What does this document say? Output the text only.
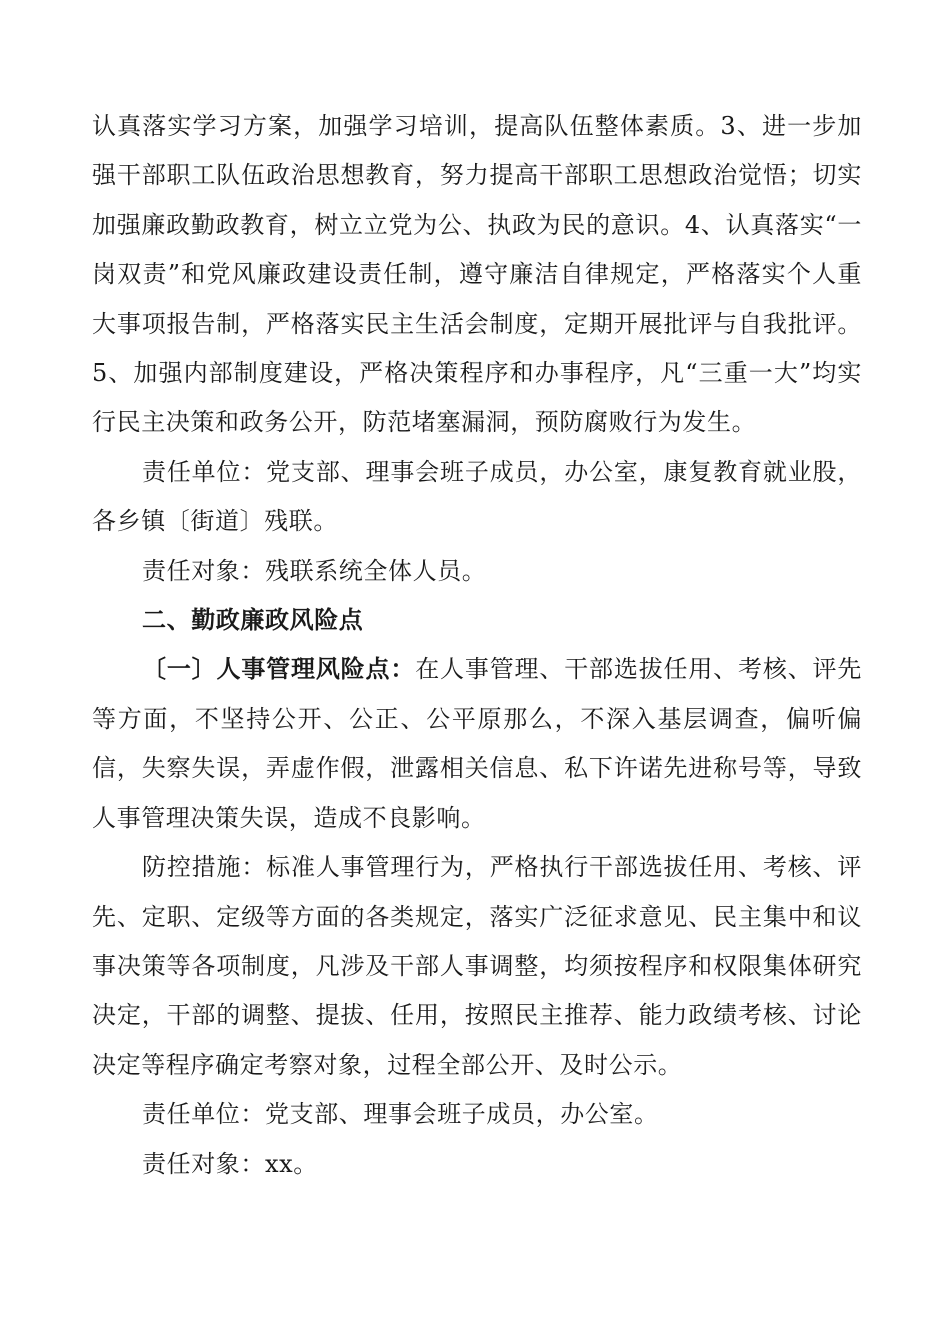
认真落实学习方案，加强学习培训，提高队伍整体素质。3、进一步加强干部职工队伍政治思想教育，努力提高干部职工思想政治觉悟；切实加强廉政勤政教育，树立立党为公、执政为民的意识。4、认真落实“一岗双责”和党风廉政建设责任制，遵守廉洁自律规定，严格落实个人重大事项报告制，严格落实民主生活会制度，定期开展批评与自我批评。5、加强内部制度建设，严格决策程序和办事程序，凡“三重一大”均实行民主决策和政务公开，防范堵塞漏洞，预防腐败行为发生。

责任单位：党支部、理事会班子成员，办公室，康复教育就业股，各乡镇〔街道〕残联。

责任对象：残联系统全体人员。

二、勤政廉政风险点

〔一〕人事管理风险点：在人事管理、干部选拔任用、考核、评先等方面，不坚持公开、公正、公平原那么，不深入基层调查，偏听偏信，失察失误，弄虚作假，泄露相关信息、私下许诺先进称号等，导致人事管理决策失误，造成不良影响。

防控措施：标准人事管理行为，严格执行干部选拔任用、考核、评先、定职、定级等方面的各类规定，落实广泛征求意见、民主集中和议事决策等各项制度，凡涉及干部人事调整，均须按程序和权限集体研究决定，干部的调整、提拔、任用，按照民主推荐、能力政绩考核、讨论决定等程序确定考察对象，过程全部公开、及时公示。

责任单位：党支部、理事会班子成员，办公室。

责任对象：xx。
